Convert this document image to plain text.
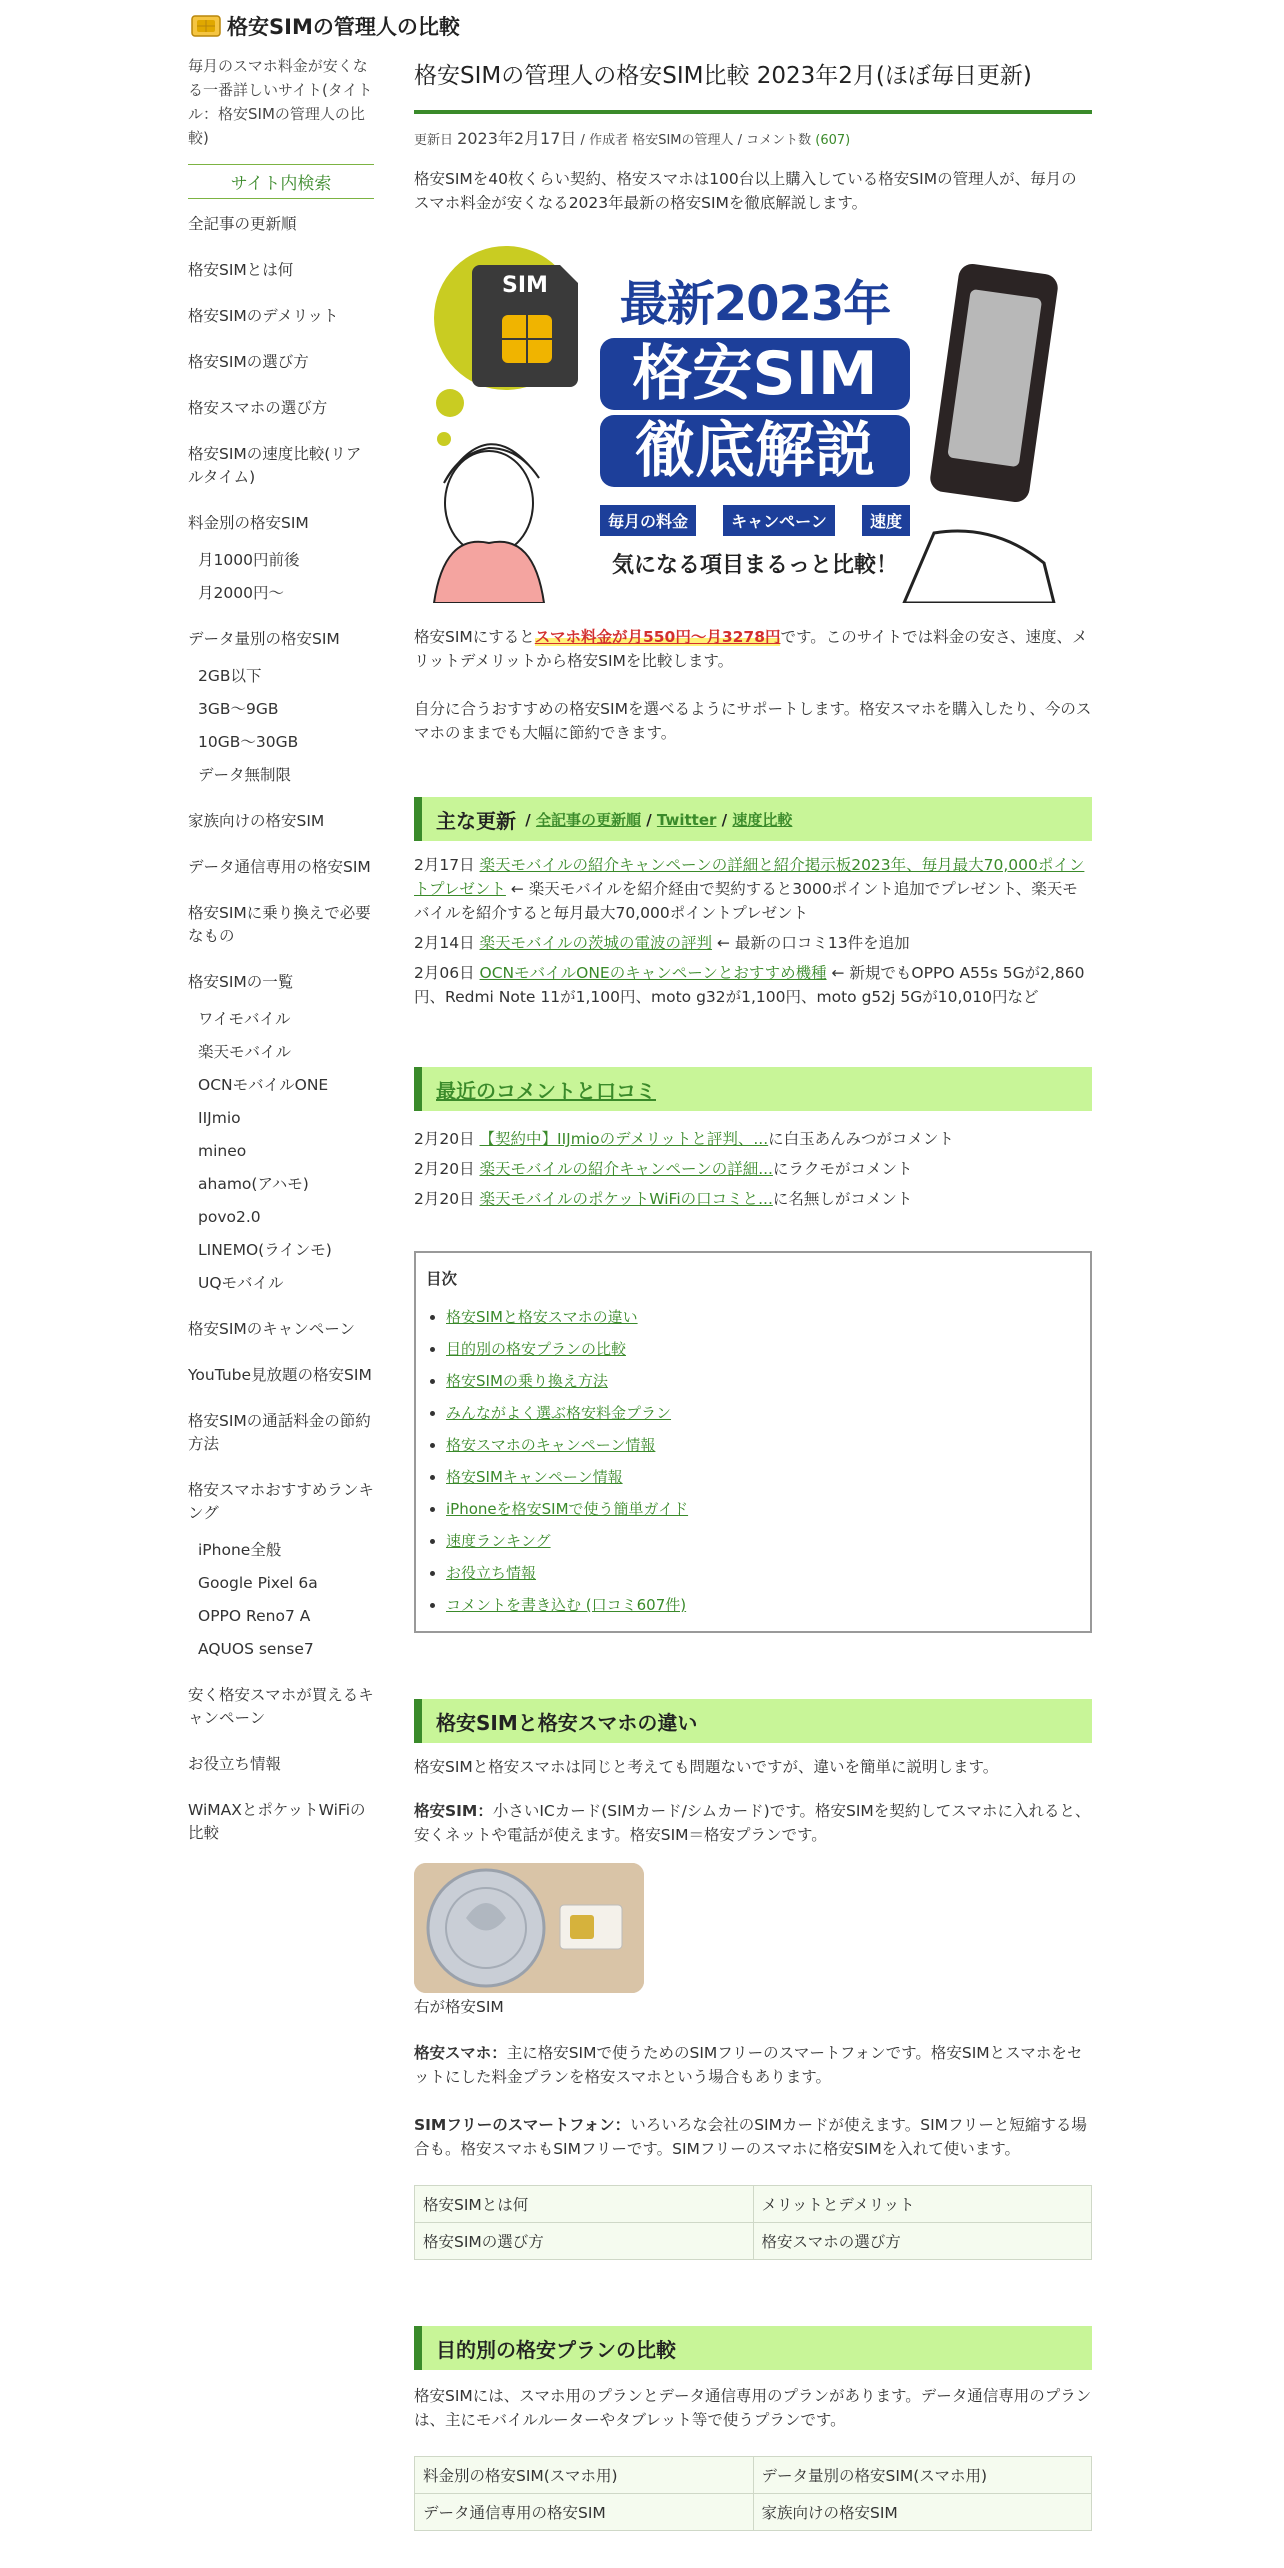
格安SIMの管理人の比較
毎月のスマホ料金が安くなる一番詳しいサイト(タイトル：格安SIMの管理人の比較)
サイト内検索
全記事の更新順
格安SIMとは何
格安SIMのデメリット
格安SIMの選び方
格安スマホの選び方
格安SIMの速度比較(リアルタイム)
料金別の格安SIM
月1000円前後
月2000円〜
データ量別の格安SIM
2GB以下
3GB〜9GB
10GB〜30GB
データ無制限
家族向けの格安SIM
データ通信専用の格安SIM
格安SIMに乗り換えで必要なもの
格安SIMの一覧
ワイモバイル
楽天モバイル
OCNモバイルONE
IIJmio
mineo
ahamo(アハモ)
povo2.0
LINEMO(ラインモ)
UQモバイル
格安SIMのキャンペーン
YouTube見放題の格安SIM
格安SIMの通話料金の節約方法
格安スマホおすすめランキング
iPhone全般
Google Pixel 6a
OPPO Reno7 A
AQUOS sense7
安く格安スマホが買えるキャンペーン
お役立ち情報
WiMAXとポケットWiFiの比較
格安SIMの管理人の格安SIM比較 2023年2月(ほぼ毎日更新)
更新日 2023年2月17日 / 作成者 格安SIMの管理人 / コメント数 (607)

格安SIMを40枚くらい契約、格安スマホは100台以上購入している格安SIMの管理人が、毎月のスマホ料金が安くなる2023年最新の格安SIMを徹底解説します。

最新2023年
格安SIM
徹底解説
毎月の料金	キャンペーン	速度
気になる項目まるっと比較！
SIM

格安SIMにするとスマホ料金が月550円〜月3278円です。このサイトでは料金の安さ、速度、メリットデメリットから格安SIMを比較します。

自分に合うおすすめの格安SIMを選べるようにサポートします。格安スマホを購入したり、今のスマホのままでも大幅に節約できます。

主な更新 / 全記事の更新順 / Twitter / 速度比較
2月17日 楽天モバイルの紹介キャンペーンの詳細と紹介掲示板2023年、毎月最大70,000ポイントプレゼント ← 楽天モバイルを紹介経由で契約すると3000ポイント追加でプレゼント、楽天モバイルを紹介すると毎月最大70,000ポイントプレゼント
2月14日 楽天モバイルの茨城の電波の評判 ← 最新の口コミ13件を追加
2月06日 OCNモバイルONEのキャンペーンとおすすめ機種 ← 新規でもOPPO A55s 5Gが2,860円、Redmi Note 11が1,100円、moto g32が1,100円、moto g52j 5Gが10,010円など
最近のコメントと口コミ
2月20日 【契約中】IIJmioのデメリットと評判、...に白玉あんみつがコメント
2月20日 楽天モバイルの紹介キャンペーンの詳細...にラクモがコメント
2月20日 楽天モバイルのポケットWiFiの口コミと...に名無しがコメント
目次
• 格安SIMと格安スマホの違い
• 目的別の格安プランの比較
• 格安SIMの乗り換え方法
• みんながよく選ぶ格安料金プラン
• 格安スマホのキャンペーン情報
• 格安SIMキャンペーン情報
• iPhoneを格安SIMで使う簡単ガイド
• 速度ランキング
• お役立ち情報
• コメントを書き込む (口コミ607件)
格安SIMと格安スマホの違い

格安SIMと格安スマホは同じと考えても問題ないですが、違いを簡単に説明します。

格安SIM：小さいICカード(SIMカード/シムカード)です。格安SIMを契約してスマホに入れると、安くネットや電話が使えます。格安SIM＝格安プランです。

右が格安SIM

格安スマホ：主に格安SIMで使うためのSIMフリーのスマートフォンです。格安SIMとスマホをセットにした料金プランを格安スマホという場合もあります。

SIMフリーのスマートフォン：いろいろな会社のSIMカードが使えます。SIMフリーと短縮する場合も。格安スマホもSIMフリーです。SIMフリーのスマホに格安SIMを入れて使います。

格安SIMとは何	メリットとデメリット
格安SIMの選び方	格安スマホの選び方
目的別の格安プランの比較

格安SIMには、スマホ用のプランとデータ通信専用のプランがあります。データ通信専用のプランは、主にモバイルルーターやタブレット等で使うプランです。

料金別の格安SIM(スマホ用)	データ量別の格安SIM(スマホ用)
データ通信専用の格安SIM	家族向けの格安SIM
